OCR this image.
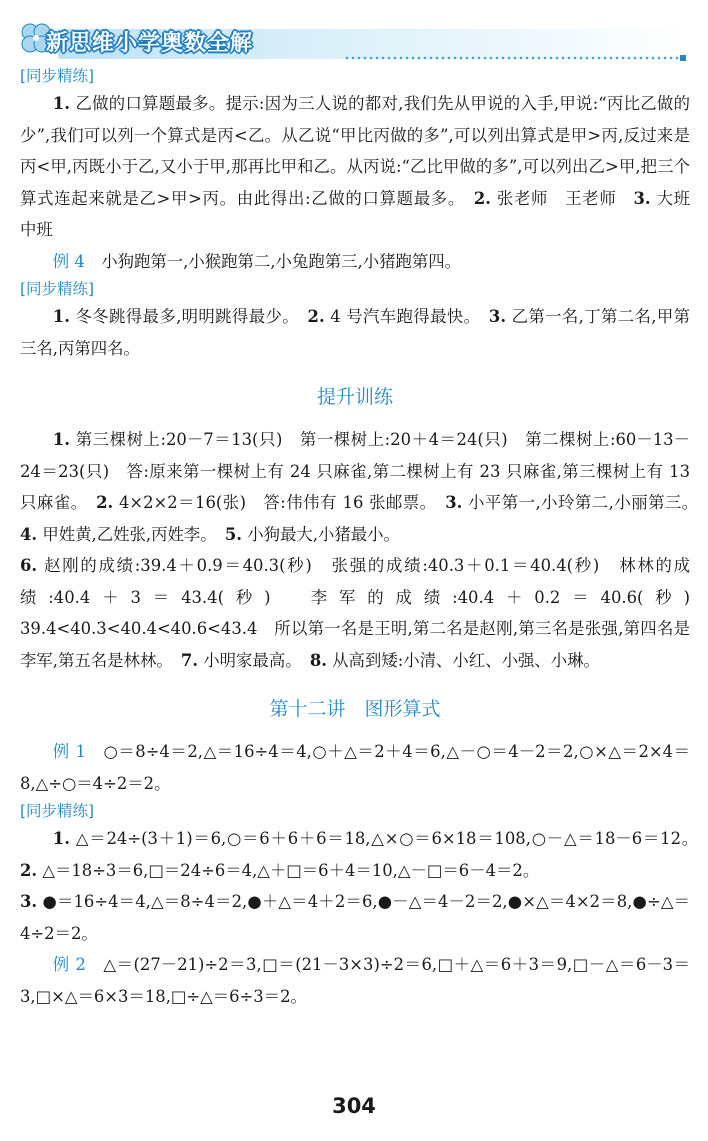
新思维小学奥数全解
[同步精练]

1. 乙做的口算题最多。提示:因为三人说的都对,我们先从甲说的入手,甲说:“丙比乙做的少”,我们可以列一个算式是丙<乙。从乙说“甲比丙做的多”,可以列出算式是甲>丙,反过来是丙<甲,丙既小于乙,又小于甲,那再比甲和乙。从丙说:“乙比甲做的多”,可以列出乙>甲,把三个算式连起来就是乙>甲>丙。由此得出:乙做的口算题最多。　 2. 张老师　王老师　 3. 大班　中班

例 4　 小狗跑第一,小猴跑第二,小兔跑第三,小猪跑第四。

[同步精练]

1. 冬冬跳得最多,明明跳得最少。　 2. 4 号汽车跑得最快。　 3. 乙第一名,丁第二名,甲第三名,丙第四名。

提升训练

1. 第三棵树上:20－7＝13(只)　第一棵树上:20＋4＝24(只)　第二棵树上:60－13－24＝23(只)　答:原来第一棵树上有 24 只麻雀,第二棵树上有 23 只麻雀,第三棵树上有 13 只麻雀。　 2. 4×2×2＝16(张)　答:伟伟有 16 张邮票。　 3. 小平第一,小玲第二,小丽第三。　4. 甲姓黄,乙姓张,丙姓李。　 5. 小狗最大,小猪最小。

6. 赵刚的成绩:39.4＋0.9＝40.3(秒)　张强的成绩:40.3＋0.1＝40.4(秒)　林林的成绩:40.4＋3＝43.4(秒)　李军的成绩:40.4＋0.2＝40.6(秒)　39.4<40.3<40.4<40.6<43.4　所以第一名是王明,第二名是赵刚,第三名是张强,第四名是李军,第五名是林林。　 7. 小明家最高。　 8. 从高到矮:小清、小红、小强、小琳。

第十二讲　图形算式

例 1　 ○＝8÷4＝2,△＝16÷4＝4,○＋△＝2＋4＝6,△－○＝4－2＝2,○×△＝2×4＝8,△÷○＝4÷2＝2。

[同步精练]

1. △＝24÷(3＋1)＝6,○＝6＋6＋6＝18,△×○＝6×18＝108,○－△＝18－6＝12。　2. △＝18÷3＝6,□＝24÷6＝4,△＋□＝6＋4＝10,△－□＝6－4＝2。

3. ●＝16÷4＝4,△＝8÷4＝2,●＋△＝4＋2＝6,●－△＝4－2＝2,●×△＝4×2＝8,●÷△＝4÷2＝2。

例 2　 △＝(27－21)÷2＝3,□＝(21－3×3)÷2＝6,□＋△＝6＋3＝9,□－△＝6－3＝3,□×△＝6×3＝18,□÷△＝6÷3＝2。

304
